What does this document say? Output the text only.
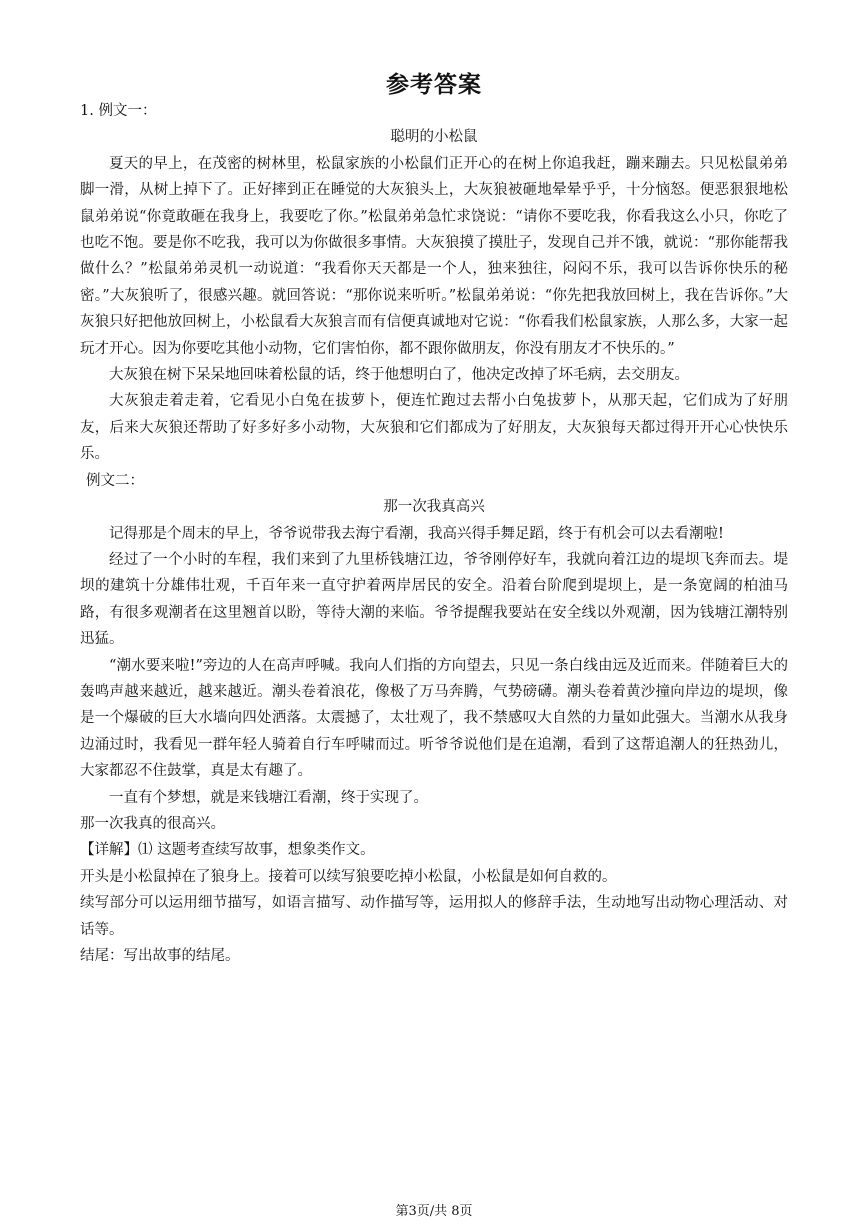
参考答案

1. 例文一：

聪明的小松鼠

夏天的早上，在茂密的树林里，松鼠家族的小松鼠们正开心的在树上你追我赶，蹦来蹦去。只见松鼠弟弟脚一滑，从树上掉下了。正好摔到正在睡觉的大灰狼头上，大灰狼被砸地晕晕乎乎，十分恼怒。便恶狠狠地松鼠弟弟说“你竟敢砸在我身上，我要吃了你。”松鼠弟弟急忙求饶说：“请你不要吃我，你看我这么小只，你吃了也吃不饱。要是你不吃我，我可以为你做很多事情。大灰狼摸了摸肚子，发现自己并不饿，就说：“那你能帮我做什么？”松鼠弟弟灵机一动说道：“我看你天天都是一个人，独来独往，闷闷不乐，我可以告诉你快乐的秘密。”大灰狼听了，很感兴趣。就回答说：“那你说来听听。”松鼠弟弟说：“你先把我放回树上，我在告诉你。”大灰狼只好把他放回树上，小松鼠看大灰狼言而有信便真诚地对它说：“你看我们松鼠家族，人那么多，大家一起玩才开心。因为你要吃其他小动物，它们害怕你，都不跟你做朋友，你没有朋友才不快乐的。”

大灰狼在树下呆呆地回味着松鼠的话，终于他想明白了，他决定改掉了坏毛病，去交朋友。

大灰狼走着走着，它看见小白兔在拔萝卜，便连忙跑过去帮小白兔拔萝卜，从那天起，它们成为了好朋友，后来大灰狼还帮助了好多好多小动物，大灰狼和它们都成为了好朋友，大灰狼每天都过得开开心心快快乐乐。

例文二：

那一次我真高兴

记得那是个周末的早上，爷爷说带我去海宁看潮，我高兴得手舞足蹈，终于有机会可以去看潮啦!

经过了一个小时的车程，我们来到了九里桥钱塘江边，爷爷刚停好车，我就向着江边的堤坝飞奔而去。堤坝的建筑十分雄伟壮观，千百年来一直守护着两岸居民的安全。沿着台阶爬到堤坝上，是一条宽阔的柏油马路，有很多观潮者在这里翘首以盼，等待大潮的来临。爷爷提醒我要站在安全线以外观潮，因为钱塘江潮特别迅猛。

“潮水要来啦!”旁边的人在高声呼喊。我向人们指的方向望去，只见一条白线由远及近而来。伴随着巨大的轰鸣声越来越近，越来越近。潮头卷着浪花，像极了万马奔腾，气势磅礴。潮头卷着黄沙撞向岸边的堤坝，像是一个爆破的巨大水墙向四处洒落。太震撼了，太壮观了，我不禁感叹大自然的力量如此强大。当潮水从我身边涌过时，我看见一群年轻人骑着自行车呼啸而过。听爷爷说他们是在追潮，看到了这帮追潮人的狂热劲儿，大家都忍不住鼓掌，真是太有趣了。

一直有个梦想，就是来钱塘江看潮，终于实现了。

那一次我真的很高兴。

【详解】⑴ 这题考查续写故事，想象类作文。

开头是小松鼠掉在了狼身上。接着可以续写狼要吃掉小松鼠，小松鼠是如何自救的。

续写部分可以运用细节描写，如语言描写、动作描写等，运用拟人的修辞手法，生动地写出动物心理活动、对话等。

结尾：写出故事的结尾。

第3页/共 8页
